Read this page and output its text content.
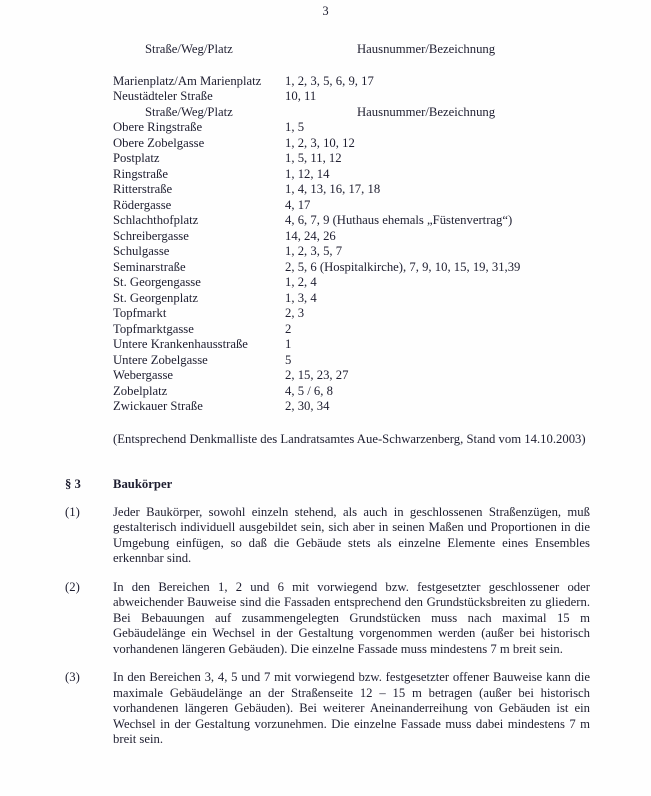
3
Straße/Weg/Platz	Hausnummer/Bezeichnung
Marienplatz/Am Marienplatz	1, 2, 3, 5, 6, 9, 17
Neustädteler Straße	10, 11
Straße/Weg/Platz	Hausnummer/Bezeichnung
Obere Ringstraße	1, 5
Obere Zobelgasse	1, 2, 3, 10, 12
Postplatz	1, 5, 11, 12
Ringstraße	1, 12, 14
Ritterstraße	1, 4, 13, 16, 17, 18
Rödergasse	4, 17
Schlachthofplatz	4, 6, 7, 9 (Huthaus ehemals „Füstenvertrag“)
Schreibergasse	14, 24, 26
Schulgasse	1, 2, 3, 5, 7
Seminarstraße	2, 5, 6 (Hospitalkirche), 7, 9, 10, 15, 19, 31,39
St. Georgengasse	1, 2, 4
St. Georgenplatz	1, 3, 4
Topfmarkt	2, 3
Topfmarktgasse	2
Untere Krankenhausstraße	1
Untere Zobelgasse	5
Webergasse	2, 15, 23, 27
Zobelplatz	4, 5 / 6, 8
Zwickauer Straße	2, 30, 34
(Entsprechend Denkmalliste des Landratsamtes Aue-Schwarzenberg, Stand vom 14.10.2003)
§ 3	Baukörper
(1)	Jeder Baukörper, sowohl einzeln stehend, als auch in geschlossenen Straßenzügen, muß gestalterisch individuell ausgebildet sein, sich aber in seinen Maßen und Proportionen in die Umgebung einfügen, so daß die Gebäude stets als einzelne Elemente eines Ensembles erkennbar sind.
(2)	In den Bereichen 1, 2 und 6 mit vorwiegend bzw. festgesetzter geschlossener oder abweichender Bauweise sind die Fassaden entsprechend den Grundstücksbreiten zu gliedern. Bei Bebauungen auf zusammengelegten Grundstücken muss nach maximal 15 m Gebäudelänge ein Wechsel in der Gestaltung vorgenommen werden (außer bei historisch vorhandenen längeren Gebäuden). Die einzelne Fassade muss mindestens 7 m breit sein.
(3)	In den Bereichen 3, 4, 5 und 7 mit vorwiegend bzw. festgesetzter offener Bauweise kann die maximale Gebäudelänge an der Straßenseite 12 – 15 m betragen (außer bei historisch vorhandenen längeren Gebäuden). Bei weiterer Aneinanderreihung von Gebäuden ist ein Wechsel in der Gestaltung vorzunehmen. Die einzelne Fassade muss dabei mindestens 7 m breit sein.
